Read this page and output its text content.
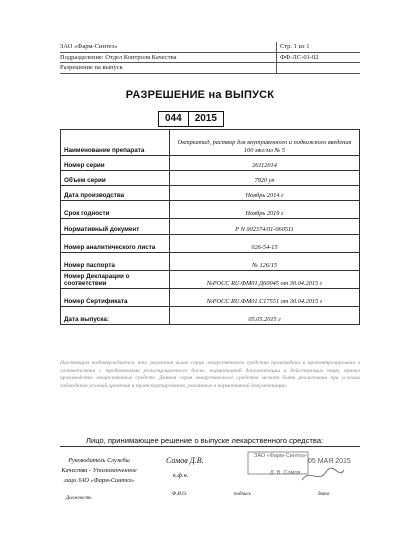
ЗАО «Фарм-Синтез»	Стр. 1 из 1
Подразделение: Отдел Контроля Качества	ФФ-ЛС-01-02
Разрешение на выпуск
РАЗРЕШЕНИЕ на ВЫПУСК
044	2015
Наименование препарата	Октреатид, раствор для внутривенного и подкожного введения 100 мкг/мл № 5
Номер серии	26112014
Объем серии	7920 уп
Дата производства	Ноябрь 2014 г
Срок годности	Ноябрь 2019 г
Нормативный документ	Р N 002374/01-060511
Номер аналитического листа	026-54-15
Номер паспорта	№ 126/15
Номер Декларации о соответствии	№РОСС RU.ФМ01.Д60045 от 30.04.2015 г
Номер Сертификата	№РОСС RU.ФМ01.С17551 от 30.04.2015 г
Дата выпуска:	05.05.2015 г
Настоящим подтверждается, что указанная выше серия лекарственного средства произведена и проконтролирована в соответствии с требованиями регистрационного досье, нормативной документации и действующих норм, правил производства лекарственных средств. Данная серия лекарственного средства может быть реализована при условии соблюдения условий хранения и транспортирования, указанных в нормативной документации.
Лицо, принимающее решение о выпуске лекарственного средства:
Руководитель Службы Качества - Уполномоченное лицо ЗАО «Фарм-Синтез»
Сомов Д.В.
к.ф.н.
Должность
Ф.И.О.	подпись	дата
ЗАО «Фарм-Синтез»
Д. В. Сомов
05 МАЯ 2015
